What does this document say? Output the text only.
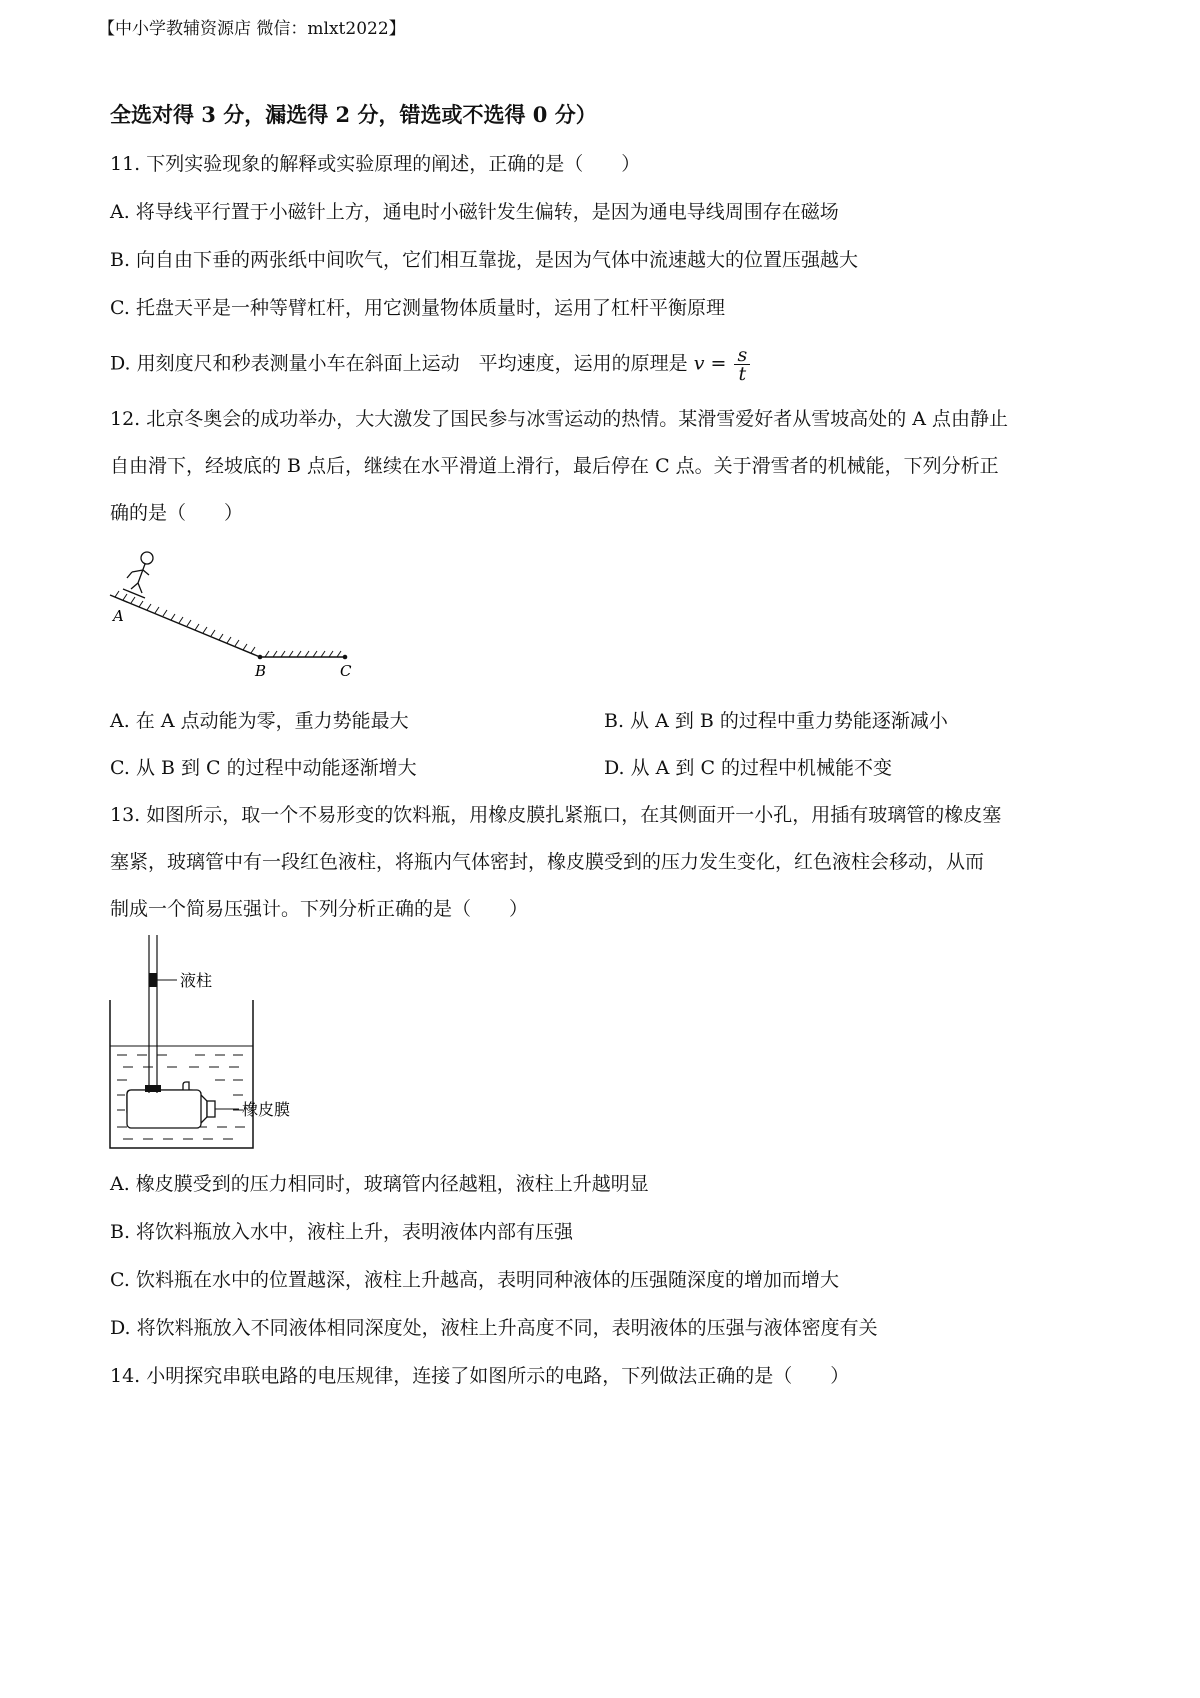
【中小学教辅资源店 微信：mlxt2022】
全选对得 3 分，漏选得 2 分，错选或不选得 0 分）
11. 下列实验现象的解释或实验原理的阐述，正确的是（　　）
A. 将导线平行置于小磁针上方，通电时小磁针发生偏转，是因为通电导线周围存在磁场
B. 向自由下垂的两张纸中间吹气，它们相互靠拢，是因为气体中流速越大的位置压强越大
C. 托盘天平是一种等臂杠杆，用它测量物体质量时，运用了杠杆平衡原理
D. 用刻度尺和秒表测量小车在斜面上运动　平均速度，运用的原理是 $v = \frac{s}{t}$
12. 北京冬奥会的成功举办，大大激发了国民参与冰雪运动的热情。某滑雪爱好者从雪坡高处的 A 点由静止
自由滑下，经坡底的 B 点后，继续在水平滑道上滑行，最后停在 C 点。关于滑雪者的机械能，下列分析正
确的是（　　）
A
B	C
A. 在 A 点动能为零，重力势能最大	B. 从 A 到 B 的过程中重力势能逐渐减小
C. 从 B 到 C 的过程中动能逐渐增大	D. 从 A 到 C 的过程中机械能不变
13. 如图所示，取一个不易形变的饮料瓶，用橡皮膜扎紧瓶口，在其侧面开一小孔，用插有玻璃管的橡皮塞
塞紧，玻璃管中有一段红色液柱，将瓶内气体密封，橡皮膜受到的压力发生变化，红色液柱会移动，从而
制成一个简易压强计。下列分析正确的是（　　）
液柱
橡皮膜
A. 橡皮膜受到的压力相同时，玻璃管内径越粗，液柱上升越明显
B. 将饮料瓶放入水中，液柱上升，表明液体内部有压强
C. 饮料瓶在水中的位置越深，液柱上升越高，表明同种液体的压强随深度的增加而增大
D. 将饮料瓶放入不同液体相同深度处，液柱上升高度不同，表明液体的压强与液体密度有关
14. 小明探究串联电路的电压规律，连接了如图所示的电路，下列做法正确的是（　　）
